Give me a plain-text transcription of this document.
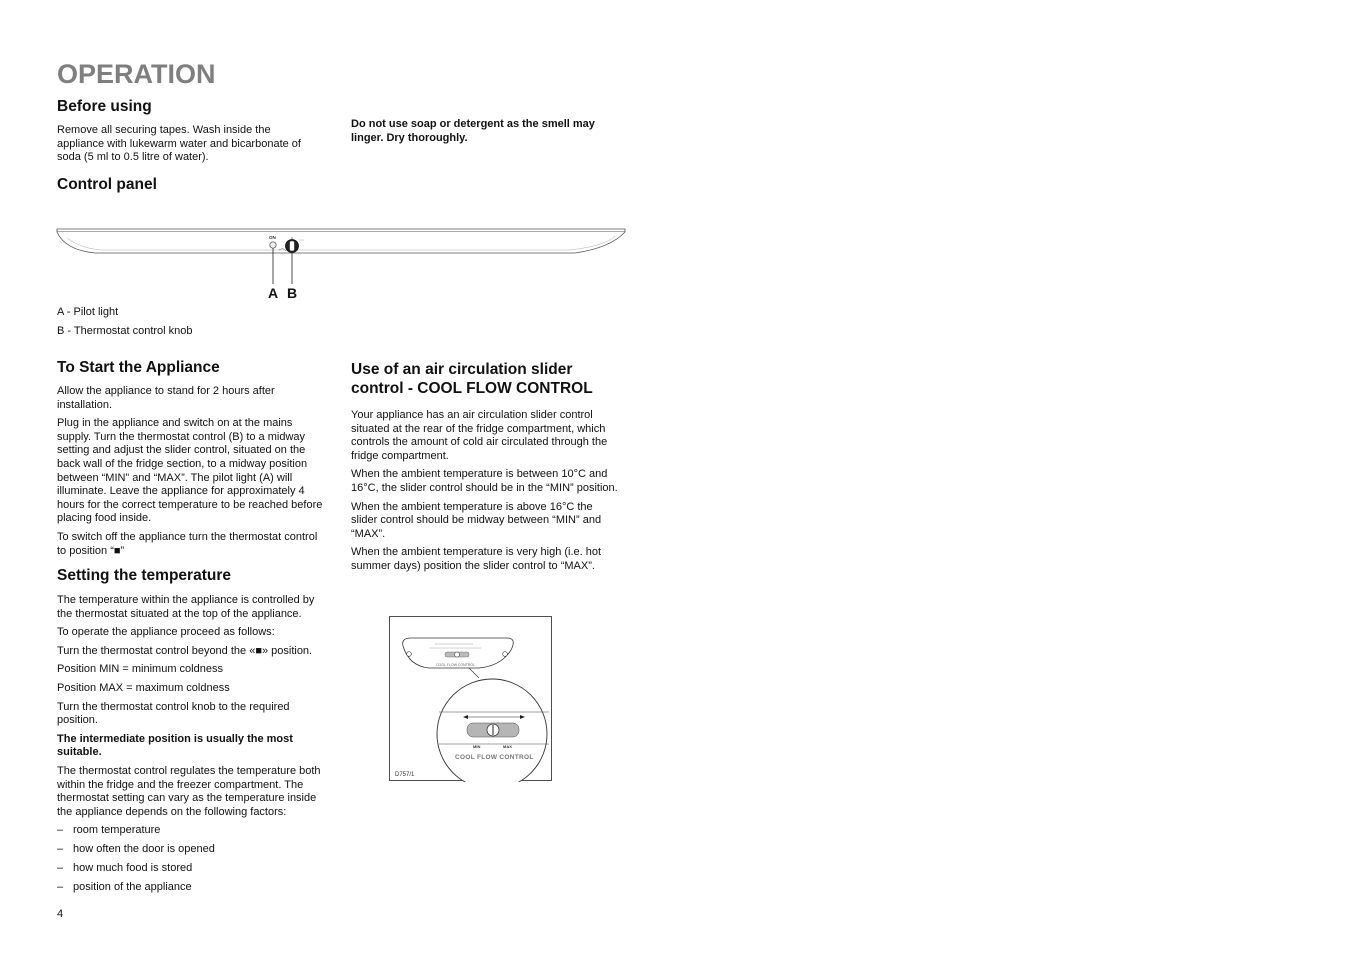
OPERATION
Before using

Remove all securing tapes. Wash inside the appliance with lukewarm water and bicarbonate of soda (5 ml to 0.5 litre of water).

Do not use soap or detergent as the smell may linger. Dry thoroughly.

Control panel
ON
A B

A - Pilot light

B - Thermostat control knob

To Start the Appliance

Allow the appliance to stand for 2 hours after installation.

Plug in the appliance and switch on at the mains supply. Turn the thermostat control (B) to a midway setting and adjust the slider control, situated on the back wall of the fridge section, to a midway position between “MIN” and “MAX”. The pilot light (A) will illuminate. Leave the appliance for approximately 4 hours for the correct temperature to be reached before placing food inside.

To switch off the appliance turn the thermostat control to position “■”

Setting the temperature

The temperature within the appliance is controlled by the thermostat situated at the top of the appliance.

To operate the appliance proceed as follows:

Turn the thermostat control beyond the «■» position.

Position MIN = minimum coldness

Position MAX = maximum coldness

Turn the thermostat control knob to the required position.

The intermediate position is usually the most suitable.

The thermostat control regulates the temperature both within the fridge and the freezer compartment. The thermostat setting can vary as the temperature inside the appliance depends on the following factors:

– room temperature
– how often the door is opened
– how much food is stored
– position of the appliance

4

Use of an air circulation slider control - COOL FLOW CONTROL

Your appliance has an air circulation slider control situated at the rear of the fridge compartment, which controls the amount of cold air circulated through the fridge compartment.

When the ambient temperature is between 10°C and 16°C, the slider control should be in the “MIN” position.

When the ambient temperature is above 16°C the slider control should be midway between “MIN” and “MAX”.

When the ambient temperature is very high (i.e. hot summer days) position the slider control to “MAX”.

COOL FLOW CONTROL
MIN	MAX
COOL FLOW CONTROL
D757/1
